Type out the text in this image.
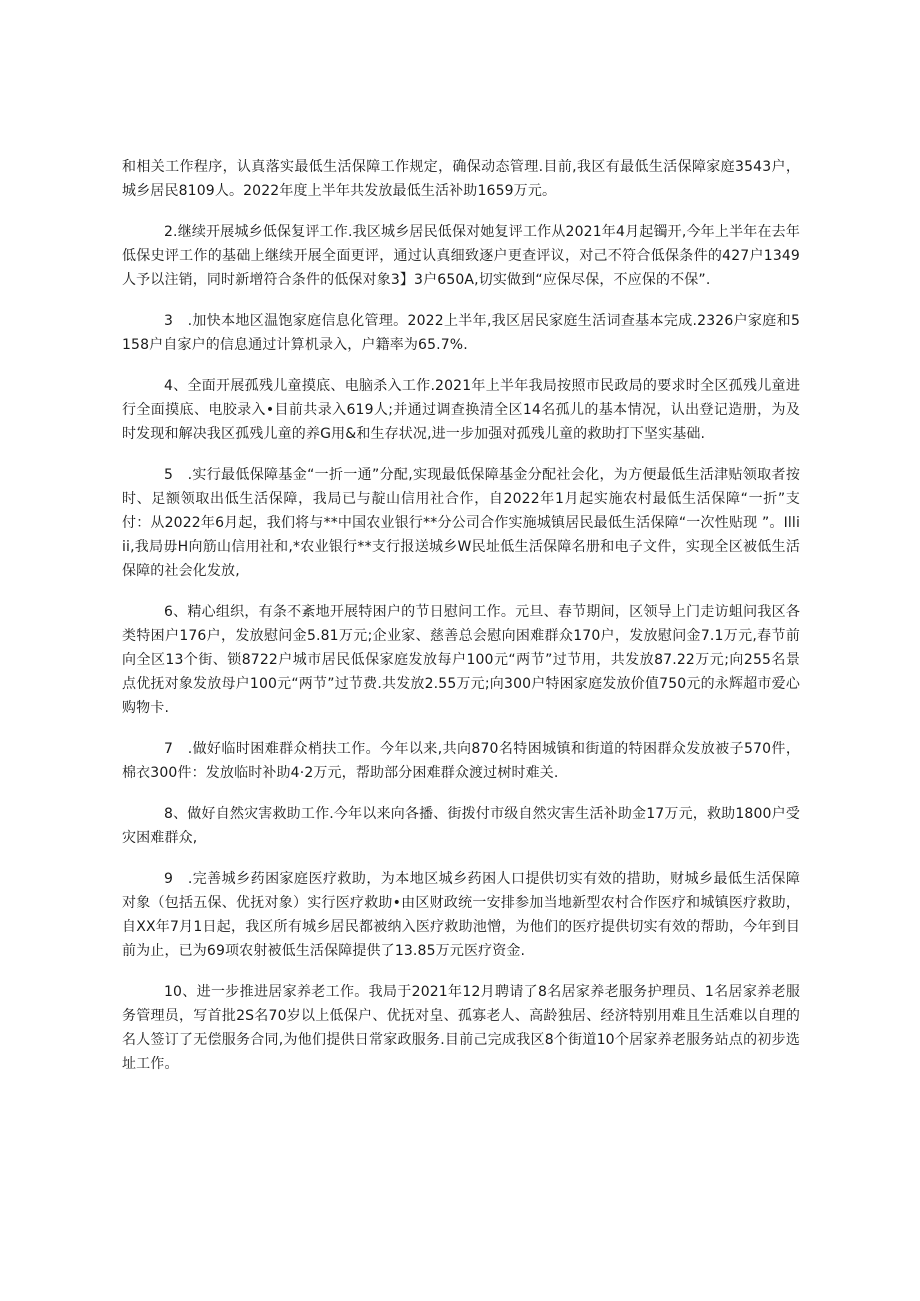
和相关工作程序，认真落实最低生活保障工作规定，确保动态管理.目前,我区有最低生活保障家庭3543户，城乡居民8109人。2022年度上半年共发放最低生活补助1659万元。

2.继续开展城乡低保复评工作.我区城乡居民低保对她复评工作从2021年4月起镯开,今年上半年在去年低保史评工作的基础上继续开展全面更评，通过认真细致逐户更查评议，对己不符合低保条件的427户1349人予以注销，同时新增符合条件的低保对象3】3户650A,切实做到“应保尽保，不应保的不保”.

3　.加快本地区温饱家庭信息化管理。2022上半年,我区居民家庭生活词查基本完成.2326户家庭和5158户自家户的信息通过计算机录入，户籍率为65.7%.

4、全面开展孤残儿童摸底、电脑杀入工作.2021年上半年我局按照市民政局的要求时全区孤残儿童进行全面摸底、电胶录入•目前共录入619人;并通过调查换清全区14名孤儿的基本情况，认出登记造册，为及时发现和解决我区孤残儿童的养G用&和生存状况,进一步加强对孤残儿童的救助打下坚实基础.

5　.实行最低保障基金“一折一通”分配,实现最低保障基金分配社会化，为方便最低生活津贴领取者按时、足额领取出低生活保障，我局已与靛山信用社合作，自2022年1月起实施农村最低生活保障“一折”支付：从2022年6月起，我们将与**中国农业银行**分公司合作实施城镇居民最低生活保障“一次性贴现 ”。Illiii,我局毋H向筋山信用社和,*农业银行**支行报送城乡W民址低生活保障名册和电子文件，实现全区被低生活保障的社会化发放,

6、精心组织，有条不紊地开展特困户的节日慰问工作。元旦、春节期间，区领导上门走访蛆问我区各类特困户176户，发放慰问金5.81万元;企业家、慈善总会慰向困难群众170户，发放慰问金7.1万元,春节前向全区13个街、锁8722户城市居民低保家庭发放每户100元“两节”过节用，共发放87.22万元;向255名景点优抚对象发放母户100元“两节”过节费.共发放2.55万元;向300户特困家庭发放价值750元的永辉超市爱心购物卡.

7　.做好临时困难群众梢扶工作。今年以来,共向870名特困城镇和街道的特困群众发放被子570件，棉衣300件：发放临时补助4·2万元，帮助部分困难群众渡过树时难关.

8、做好自然灾害救助工作.今年以来向各播、街拨付市级自然灾害生活补助金17万元，救助1800户受灾困难群众,

9　.完善城乡药困家庭医疗救助，为本地区城乡药困人口提供切实有效的措助，财城乡最低生活保障对象（包括五保、优抚对象）实行医疗救助•由区财政统一安排参加当地新型农村合作医疗和城镇医疗救助，自XX年7月1日起，我区所有城乡居民都被纳入医疗救助池憎，为他们的医疗提供切实有效的帮助，今年到目前为止，已为69项农射被低生活保障提供了13.85万元医疗资金.

10、进一步推进居家养老工作。我局于2021年12月聘请了8名居家养老服务护理员、1名居家养老服务管理员，写首批2S名70岁以上低保户、优抚对皇、孤寡老人、高龄独居、经济特别用难且生活难以自理的名人签订了无偿服务合同,为他们提供日常家政服务.目前己完成我区8个街道10个居家养老服务站点的初步选址工作。
